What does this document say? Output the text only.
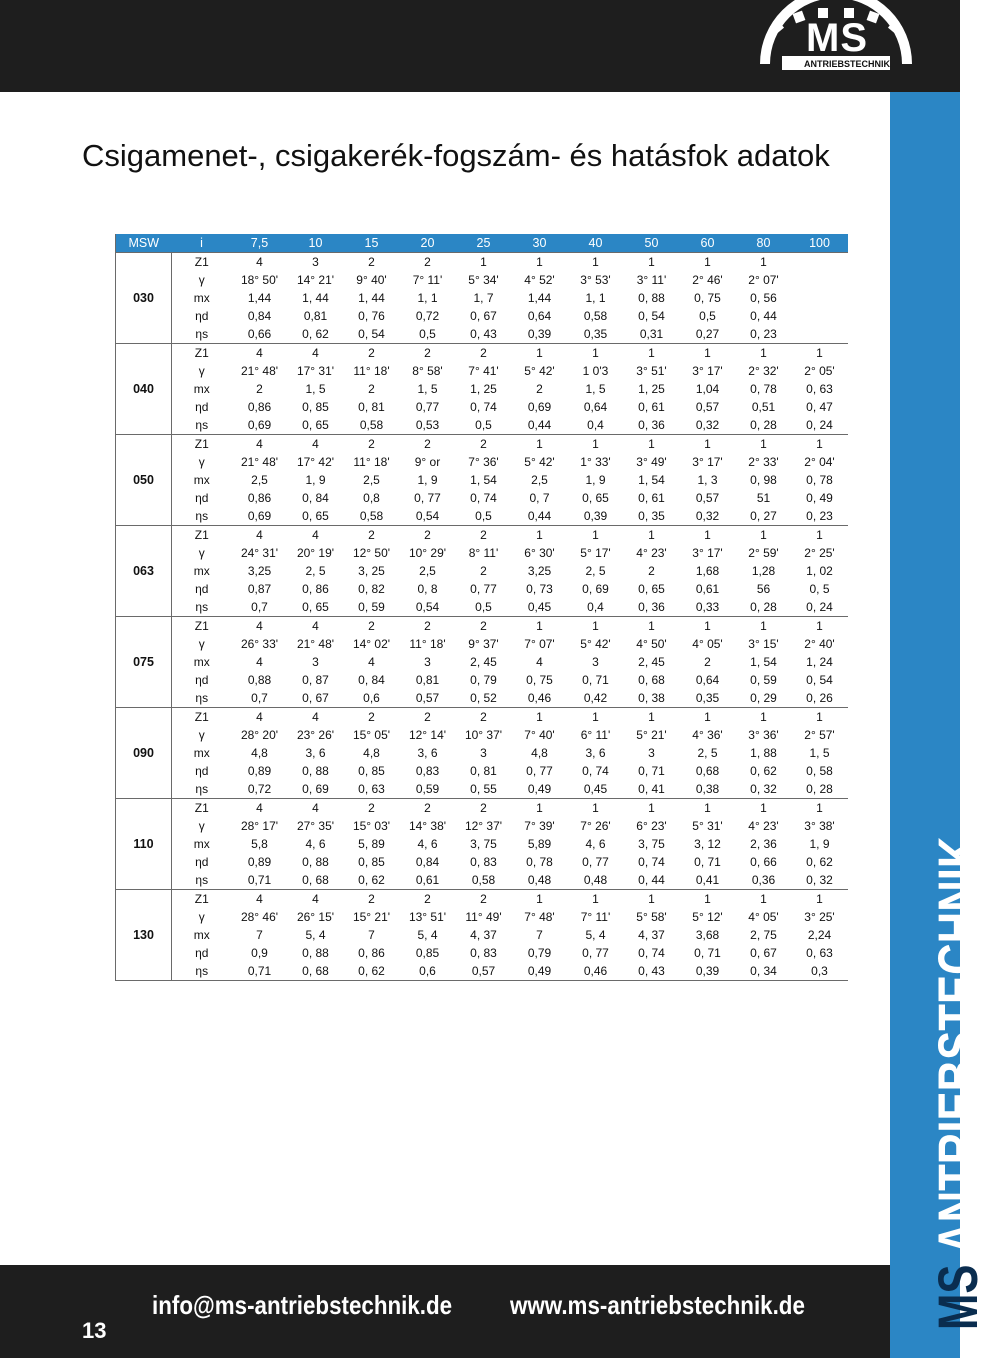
MS
ANTRIEBSTECHNIK
MS ANTRIEBSTECHNIK
Csigamenet-, csigakerék-fogszám- és hatásfok adatok
MSW	i	7,5	10	15	20	25	30	40	50	60	80	100
030	Z1	4	3	2	2	1	1	1	1	1	1	
	γ	18° 50'	14° 21'	9° 40'	7° 11'	5° 34'	4° 52'	3° 53'	3° 11'	2° 46'	2° 07'	
	mx	1,44	1, 44	1, 44	1, 1	1, 7	1,44	1, 1	0, 88	0, 75	0, 56	
	ηd	0,84	0,81	0, 76	0,72	0, 67	0,64	0,58	0, 54	0,5	0, 44	
	ηs	0,66	0, 62	0, 54	0,5	0, 43	0,39	0,35	0,31	0,27	0, 23	
040	Z1	4	4	2	2	2	1	1	1	1	1	1
	γ	21° 48'	17° 31'	11° 18'	8° 58'	7° 41'	5° 42'	1 0'3	3° 51'	3° 17'	2° 32'	2° 05'
	mx	2	1, 5	2	1, 5	1, 25	2	1, 5	1, 25	1,04	0, 78	0, 63
	ηd	0,86	0, 85	0, 81	0,77	0, 74	0,69	0,64	0, 61	0,57	0,51	0, 47
	ηs	0,69	0, 65	0,58	0,53	0,5	0,44	0,4	0, 36	0,32	0, 28	0, 24
050	Z1	4	4	2	2	2	1	1	1	1	1	1
	γ	21° 48'	17° 42'	11° 18'	9° or	7° 36'	5° 42'	1° 33'	3° 49'	3° 17'	2° 33'	2° 04'
	mx	2,5	1, 9	2,5	1, 9	1, 54	2,5	1, 9	1, 54	1, 3	0, 98	0, 78
	ηd	0,86	0, 84	0,8	0, 77	0, 74	0, 7	0, 65	0, 61	0,57	51	0, 49
	ηs	0,69	0, 65	0,58	0,54	0,5	0,44	0,39	0, 35	0,32	0, 27	0, 23
063	Z1	4	4	2	2	2	1	1	1	1	1	1
	γ	24° 31'	20° 19'	12° 50'	10° 29'	8° 11'	6° 30'	5° 17'	4° 23'	3° 17'	2° 59'	2° 25'
	mx	3,25	2, 5	3, 25	2,5	2	3,25	2, 5	2	1,68	1,28	1, 02
	ηd	0,87	0, 86	0, 82	0, 8	0, 77	0, 73	0, 69	0, 65	0,61	56	0, 5
	ηs	0,7	0, 65	0, 59	0,54	0,5	0,45	0,4	0, 36	0,33	0, 28	0, 24
075	Z1	4	4	2	2	2	1	1	1	1	1	1
	γ	26° 33'	21° 48'	14° 02'	11° 18'	9° 37'	7° 07'	5° 42'	4° 50'	4° 05'	3° 15'	2° 40'
	mx	4	3	4	3	2, 45	4	3	2, 45	2	1, 54	1, 24
	ηd	0,88	0, 87	0, 84	0,81	0, 79	0, 75	0, 71	0, 68	0,64	0, 59	0, 54
	ηs	0,7	0, 67	0,6	0,57	0, 52	0,46	0,42	0, 38	0,35	0, 29	0, 26
090	Z1	4	4	2	2	2	1	1	1	1	1	1
	γ	28° 20'	23° 26'	15° 05'	12° 14'	10° 37'	7° 40'	6° 11'	5° 21'	4° 36'	3° 36'	2° 57'
	mx	4,8	3, 6	4,8	3, 6	3	4,8	3, 6	3	2, 5	1, 88	1, 5
	ηd	0,89	0, 88	0, 85	0,83	0, 81	0, 77	0, 74	0, 71	0,68	0, 62	0, 58
	ηs	0,72	0, 69	0, 63	0,59	0, 55	0,49	0,45	0, 41	0,38	0, 32	0, 28
110	Z1	4	4	2	2	2	1	1	1	1	1	1
	γ	28° 17'	27° 35'	15° 03'	14° 38'	12° 37'	7° 39'	7° 26'	6° 23'	5° 31'	4° 23'	3° 38'
	mx	5,8	4, 6	5, 89	4, 6	3, 75	5,89	4, 6	3, 75	3, 12	2, 36	1, 9
	ηd	0,89	0, 88	0, 85	0,84	0, 83	0, 78	0, 77	0, 74	0, 71	0, 66	0, 62
	ηs	0,71	0, 68	0, 62	0,61	0,58	0,48	0,48	0, 44	0,41	0,36	0, 32
130	Z1	4	4	2	2	2	1	1	1	1	1	1
	γ	28° 46'	26° 15'	15° 21'	13° 51'	11° 49'	7° 48'	7° 11'	5° 58'	5° 12'	4° 05'	3° 25'
	mx	7	5, 4	7	5, 4	4, 37	7	5, 4	4, 37	3,68	2, 75	2,24
	ηd	0,9	0, 88	0, 86	0,85	0, 83	0,79	0, 77	0, 74	0, 71	0, 67	0, 63
	ηs	0,71	0, 68	0, 62	0,6	0,57	0,49	0,46	0, 43	0,39	0, 34	0,3
13
info@ms-antriebstechnik.de www.ms-antriebstechnik.de
